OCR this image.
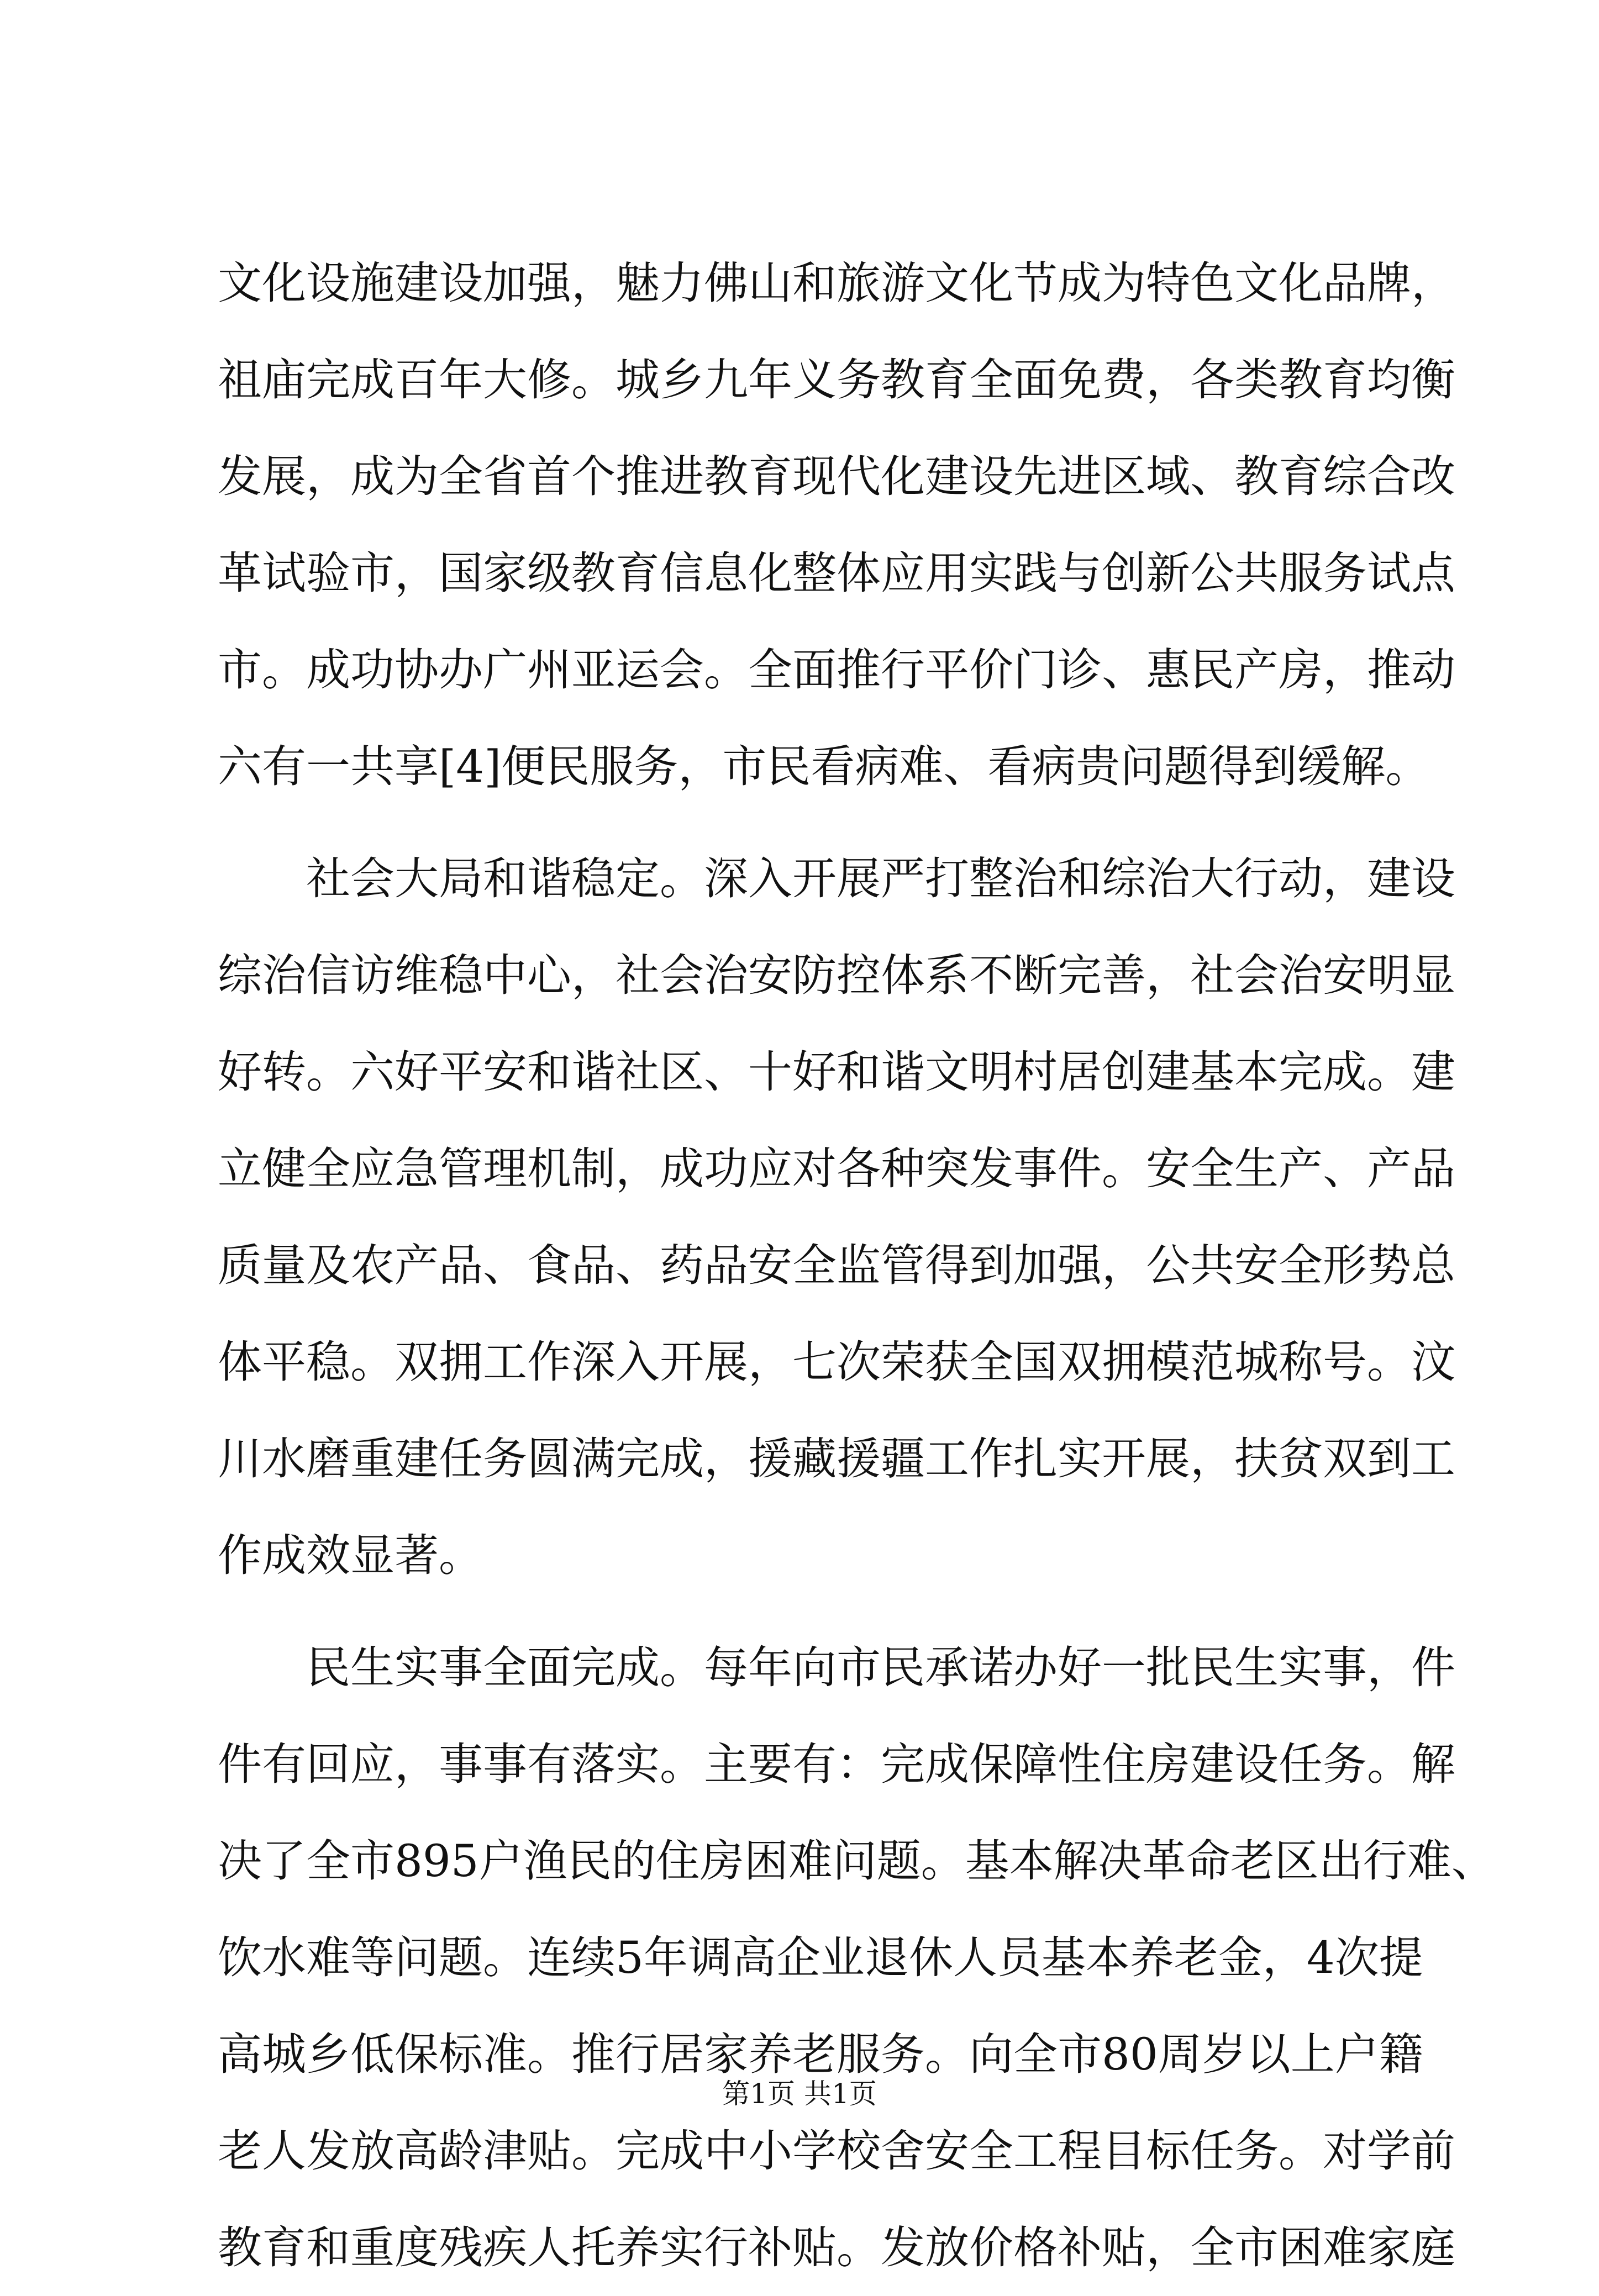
文化设施建设加强，魅力佛山和旅游文化节成为特色文化品牌，
祖庙完成百年大修。城乡九年义务教育全面免费，各类教育均衡
发展，成为全省首个推进教育现代化建设先进区域、教育综合改
革试验市，国家级教育信息化整体应用实践与创新公共服务试点
市。成功协办广州亚运会。全面推行平价门诊、惠民产房，推动
六有一共享[4]便民服务，市民看病难、看病贵问题得到缓解。
社会大局和谐稳定。深入开展严打整治和综治大行动，建设
综治信访维稳中心，社会治安防控体系不断完善，社会治安明显
好转。六好平安和谐社区、十好和谐文明村居创建基本完成。建
立健全应急管理机制，成功应对各种突发事件。安全生产、产品
质量及农产品、食品、药品安全监管得到加强，公共安全形势总
体平稳。双拥工作深入开展，七次荣获全国双拥模范城称号。汶
川水磨重建任务圆满完成，援藏援疆工作扎实开展，扶贫双到工
作成效显著。
民生实事全面完成。每年向市民承诺办好一批民生实事，件
件有回应，事事有落实。主要有：完成保障性住房建设任务。解
决了全市895户渔民的住房困难问题。基本解决革命老区出行难、
饮水难等问题。连续5年调高企业退休人员基本养老金，4次提
高城乡低保标准。推行居家养老服务。向全市80周岁以上户籍
老人发放高龄津贴。完成中小学校舍安全工程目标任务。对学前
教育和重度残疾人托养实行补贴。发放价格补贴，全市困难家庭
第1页 共1页
